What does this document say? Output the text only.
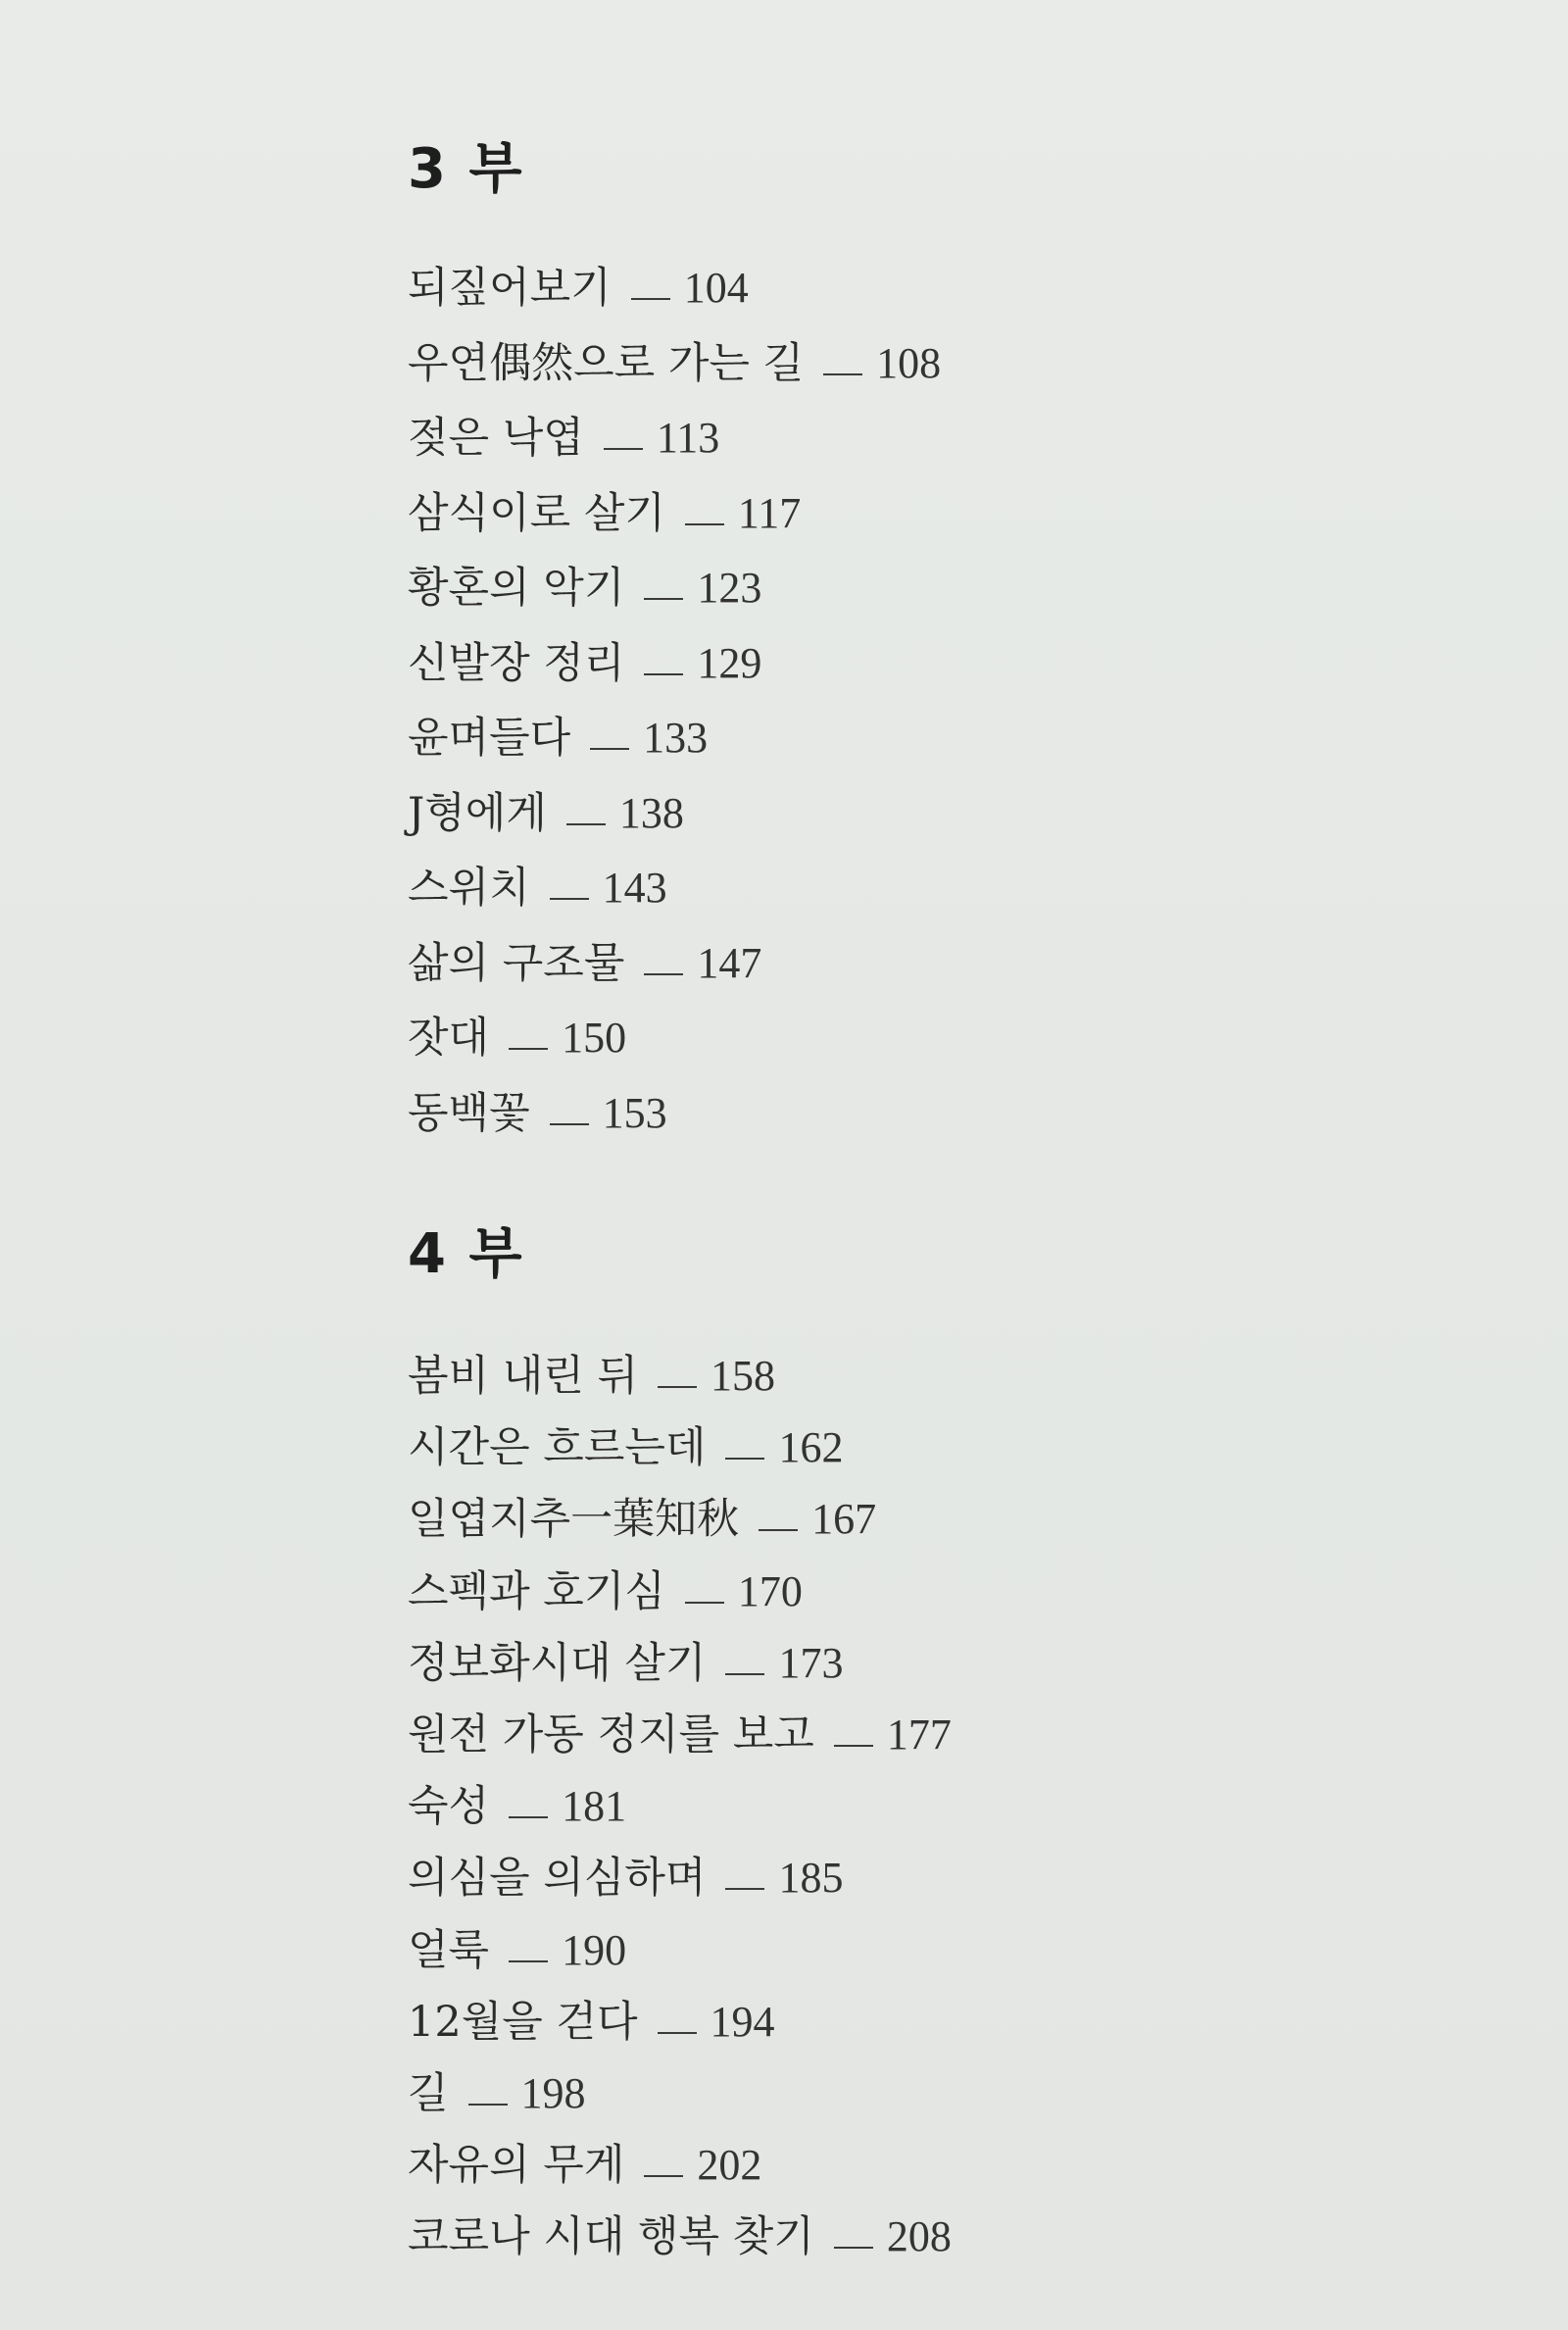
3 부
되짚어보기 104
우연偶然으로 가는 길 108
젖은 낙엽 113
삼식이로 살기 117
황혼의 악기 123
신발장 정리 129
윤며들다 133
J형에게 138
스위치 143
삶의 구조물 147
잣대 150
동백꽃 153
4 부
봄비 내린 뒤 158
시간은 흐르는데 162
일엽지추一葉知秋 167
스펙과 호기심 170
정보화시대 살기 173
원전 가동 정지를 보고 177
숙성 181
의심을 의심하며 185
얼룩 190
12월을 걷다 194
길 198
자유의 무게 202
코로나 시대 행복 찾기 208
